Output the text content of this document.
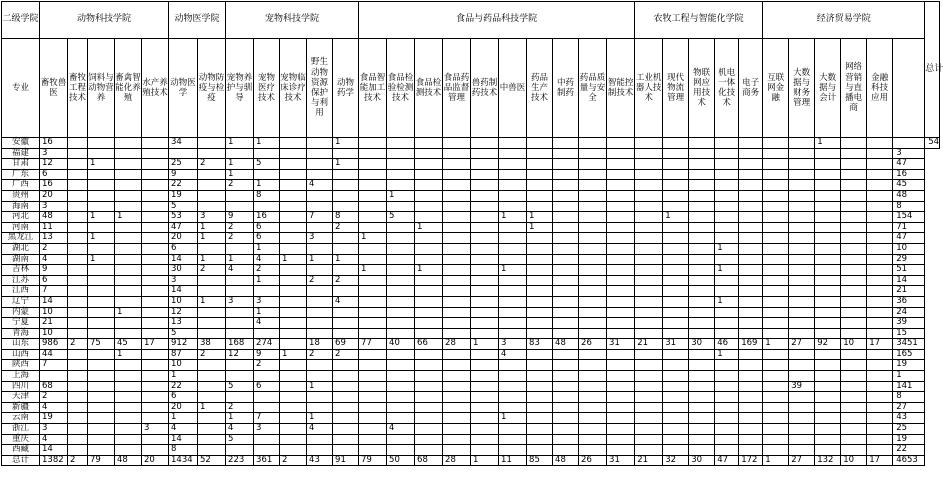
二级学院	动物科技学院					动物医学院		宠物科技学院					食品与药品科技学院										农牧工程与智能化学院					经济贸易学院						总计
专业	畜牧兽医	畜牧工程技术	饲料与动物营养	畜禽智能化养殖	水产养殖技术	动物医学	动物防疫与检疫	宠物养护与驯导	宠物医疗技术	宠物临床诊疗技术	野生动物资源保护与利用	动物药学	食品智能加工技术	食品检验检测技术	食品检测技术	食品药品监督管理	兽药制药技术	中兽医	药品生产技术	中药制药	药品质量与安全	智能控制技术	工业机器人技术	现代物流管理	物联网应用技术	机电一体化技术	电子商务	互联网金融	大数据与财务管理	大数据与会计	网络营销与直播电商	金融科技应用		
安徽	16					34		1	1			1																		1				54
福建	3																																3	
甘肃	12		1			25	2	1	5			1																					47	
广东	6					9		1																									16	
广西	16					22		2	1		4																						45	
贵州	20					19			8					1																			48	
海南	3					5																											8	
河北	48		1	1		53	3	9	16		7	8		5				1	1					1									154	
河南	11					47	1	2	6			2			1				1														71	
黑龙江	13		1			20	1	2	6		3		1																				47	
湖北	2					6			1																	1							10	
湖南	4		1			14	1	1	4	1	1	1																					29	
吉林	9					30	2	4	2				1		1			1								1							51	
江苏	6					3			1		2	2																					14	
江西	7					14																											21	
辽宁	14					10	1	3	3			4														1							36	
内蒙	10			1		12			1																								24	
宁夏	21					13			4																								39	
青海	10					5																											15	
山东	986	2	75	45	17	912	38	168	274		18	69	77	40	66	28	1	3	83	48	26	31	21	31	30	46	169	1	27	92	10	17	3451	
山西	44			1		87	2	12	9	1	2	2						4								1							165	
陕西	7					10			2																								19	
上海						1																											1	
四川	68					22		5	6		1																		39				141	
天津	2					6																											8	
新疆	4					20	1	2																									27	
云南	19					1		1	7		1							1															43	
浙江	3				3	4		4	3		4			4																			25	
重庆	4					14		5																									19	
西藏	14					8																											22	
总计	1382	2	79	48	20	1434	52	223	361	2	43	91	79	50	68	28	1	11	85	48	26	31	21	32	30	47	172	1	27	132	10	17	4653	
